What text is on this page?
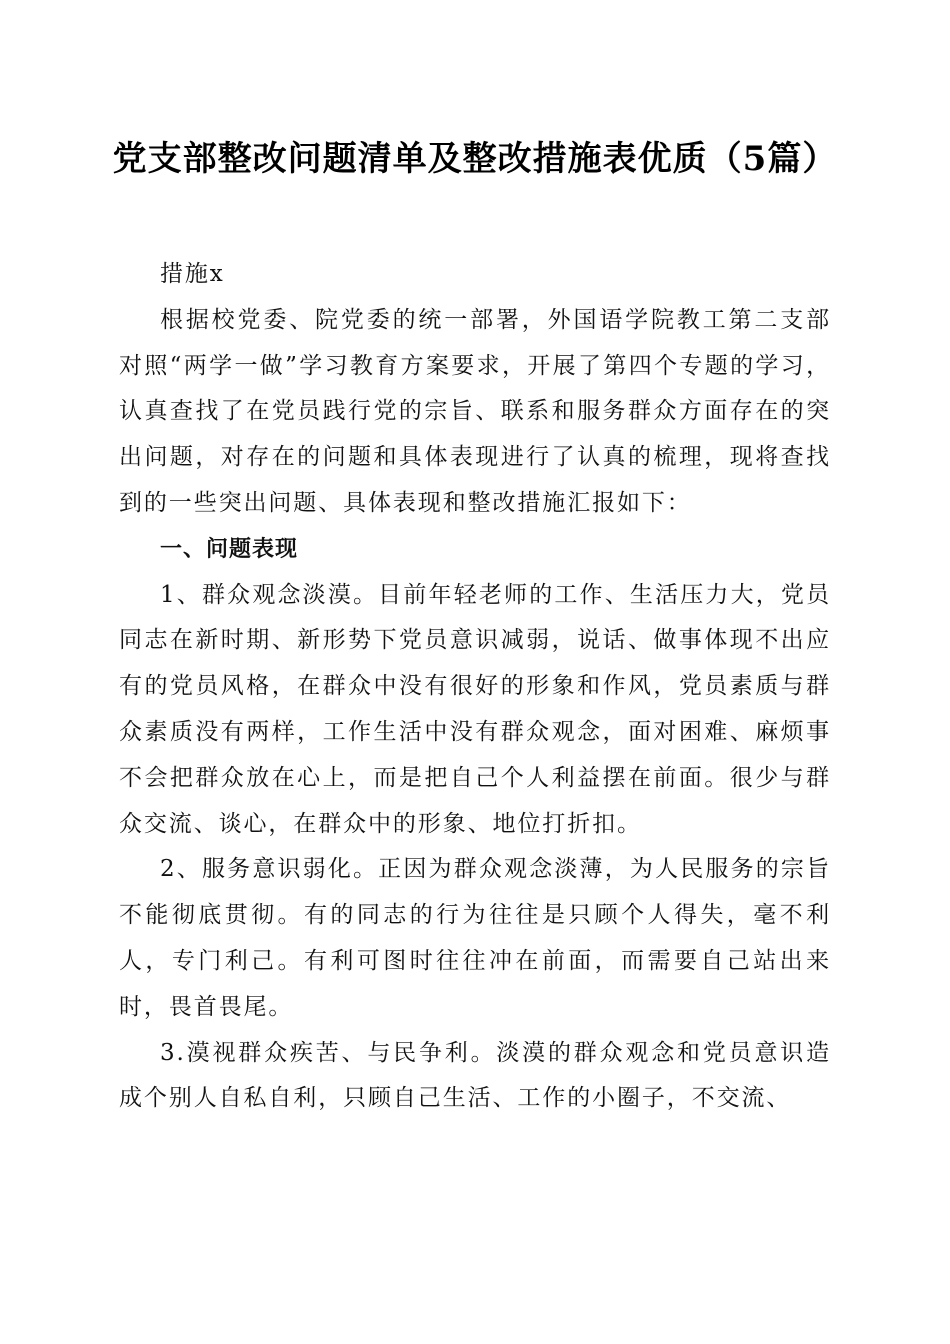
党支部整改问题清单及整改措施表优质（5篇）

措施x

根据校党委、院党委的统一部署，外国语学院教工第二支部对照“两学一做”学习教育方案要求，开展了第四个专题的学习，认真查找了在党员践行党的宗旨、联系和服务群众方面存在的突出问题，对存在的问题和具体表现进行了认真的梳理，现将查找到的一些突出问题、具体表现和整改措施汇报如下：

一、问题表现

1、群众观念淡漠。目前年轻老师的工作、生活压力大，党员同志在新时期、新形势下党员意识减弱，说话、做事体现不出应有的党员风格，在群众中没有很好的形象和作风，党员素质与群众素质没有两样，工作生活中没有群众观念，面对困难、麻烦事不会把群众放在心上，而是把自己个人利益摆在前面。很少与群众交流、谈心，在群众中的形象、地位打折扣。

2、服务意识弱化。正因为群众观念淡薄，为人民服务的宗旨不能彻底贯彻。有的同志的行为往往是只顾个人得失，毫不利人，专门利己。有利可图时往往冲在前面，而需要自己站出来时，畏首畏尾。

3.漠视群众疾苦、与民争利。淡漠的群众观念和党员意识造成个别人自私自利，只顾自己生活、工作的小圈子，不交流、
